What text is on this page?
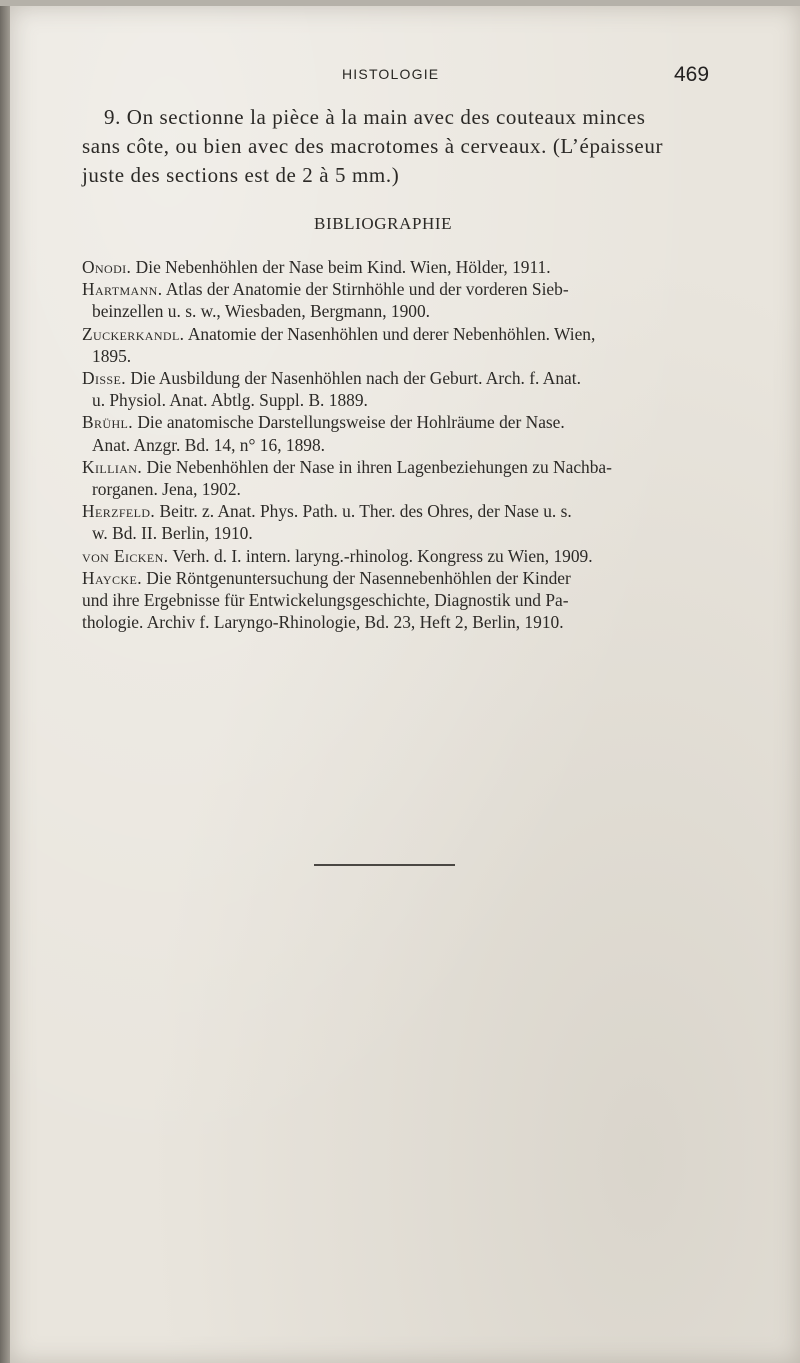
HISTOLOGIE	469

9. On sectionne la pièce à la main avec des couteaux minces
sans côte, ou bien avec des macrotomes à cerveaux. (L’épaisseur
juste des sections est de 2 à 5 mm.)

BIBLIOGRAPHIE
Onodi. Die Nebenhöhlen der Nase beim Kind. Wien, Hölder, 1911.
Hartmann. Atlas der Anatomie der Stirnhöhle und der vorderen Sieb-
beinzellen u. s. w., Wiesbaden, Bergmann, 1900.
Zuckerkandl. Anatomie der Nasenhöhlen und derer Nebenhöhlen. Wien,
1895.
Disse. Die Ausbildung der Nasenhöhlen nach der Geburt. Arch. f. Anat.
u. Physiol. Anat. Abtlg. Suppl. B. 1889.
Brühl. Die anatomische Darstellungsweise der Hohlräume der Nase.
Anat. Anzgr. Bd. 14, n° 16, 1898.
Killian. Die Nebenhöhlen der Nase in ihren Lagenbeziehungen zu Nachba-
rorganen. Jena, 1902.
Herzfeld. Beitr. z. Anat. Phys. Path. u. Ther. des Ohres, der Nase u. s.
w. Bd. II. Berlin, 1910.
von Eicken. Verh. d. I. intern. laryng.-rhinolog. Kongress zu Wien, 1909.
Haycke. Die Röntgenuntersuchung der Nasennebenhöhlen der Kinder
und ihre Ergebnisse für Entwickelungsgeschichte, Diagnostik und Pa-
thologie. Archiv f. Laryngo-Rhinologie, Bd. 23, Heft 2, Berlin, 1910.
